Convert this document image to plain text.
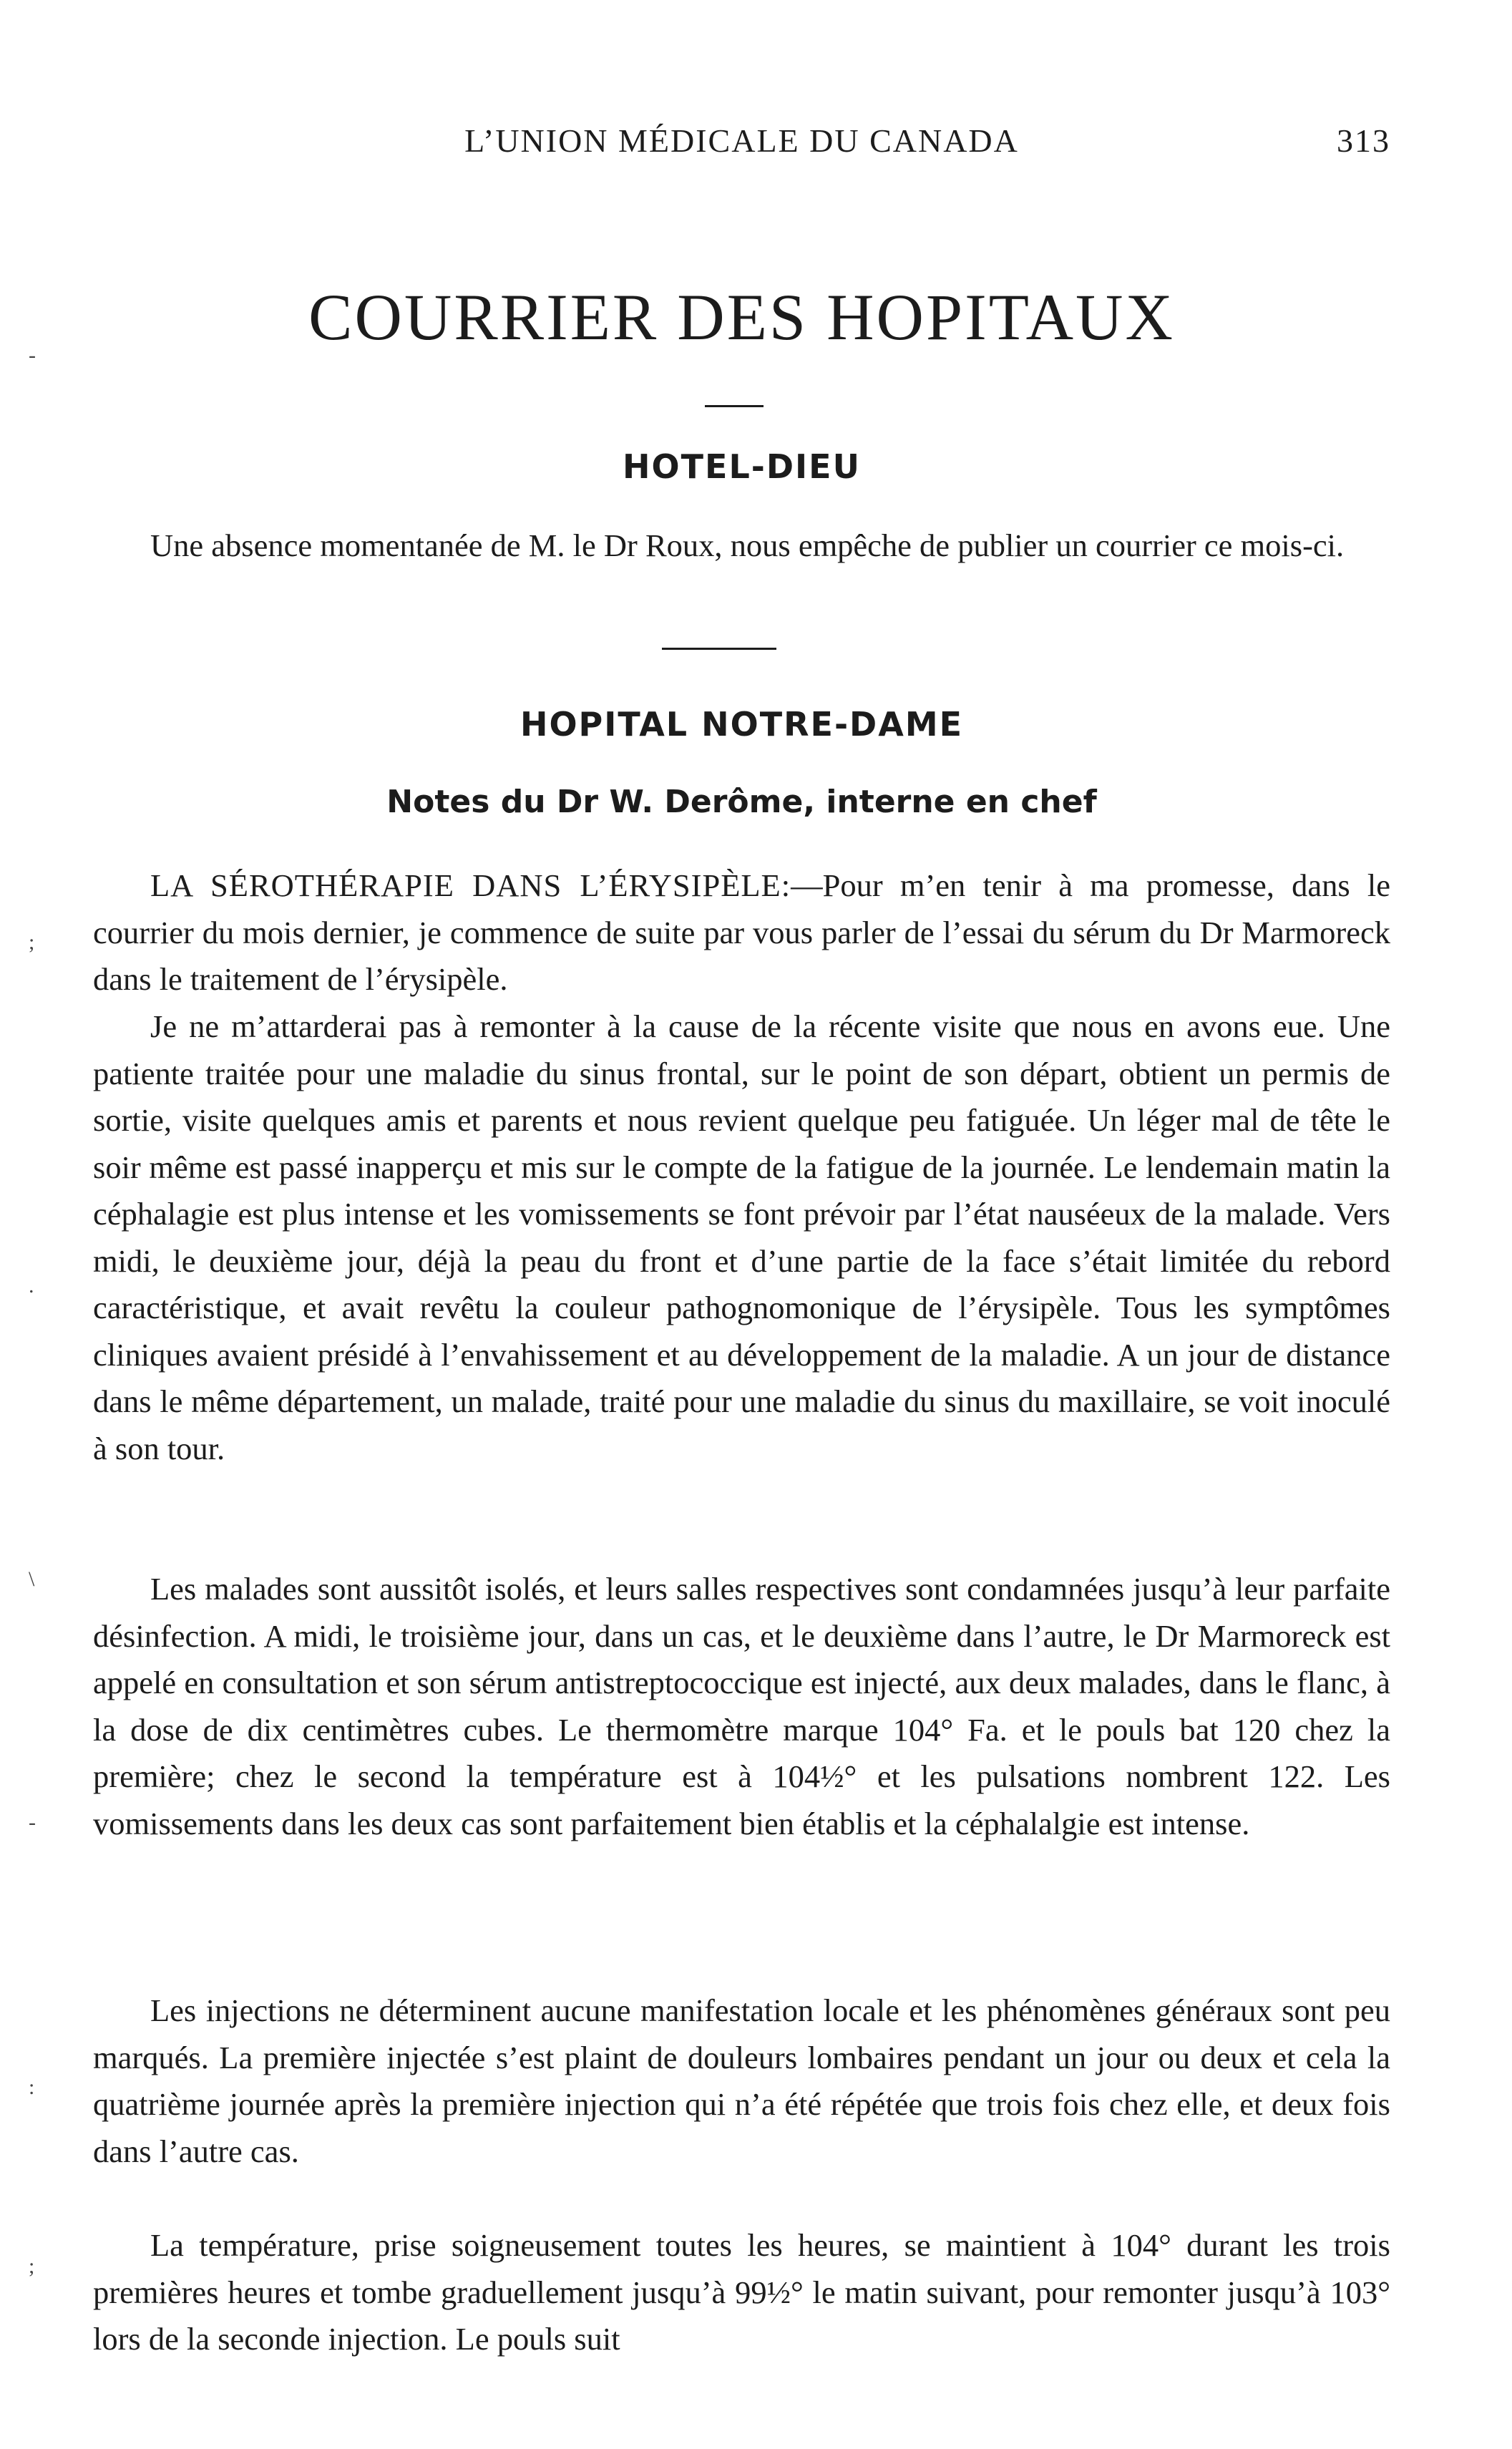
-
;
.
\
-
:
;
L’UNION MÉDICALE DU CANADA	313
COURRIER DES HOPITAUX
HOTEL-DIEU

Une absence momentanée de M. le Dr Roux, nous empêche de publier un courrier ce mois-ci.

HOPITAL NOTRE-DAME
Notes du Dr W. Derôme, interne en chef

LA SÉROTHÉRAPIE DANS L’ÉRYSIPÈLE:—Pour m’en tenir à ma promesse, dans le courrier du mois dernier, je commence de suite par vous parler de l’essai du sérum du Dr Marmoreck dans le traitement de l’érysipèle.

Je ne m’attarderai pas à remonter à la cause de la récente visite que nous en avons eue. Une patiente traitée pour une maladie du sinus frontal, sur le point de son départ, obtient un permis de sortie, visite quelques amis et parents et nous revient quelque peu fatiguée. Un léger mal de tête le soir même est passé inapperçu et mis sur le compte de la fatigue de la journée. Le lendemain matin la céphalagie est plus intense et les vomissements se font prévoir par l’état nauséeux de la malade. Vers midi, le deuxième jour, déjà la peau du front et d’une partie de la face s’était limitée du rebord caractéristique, et avait revêtu la couleur pathognomonique de l’érysipèle. Tous les symptômes cliniques avaient présidé à l’envahissement et au développement de la maladie. A un jour de distance dans le même département, un malade, traité pour une maladie du sinus du maxillaire, se voit inoculé à son tour.

Les malades sont aussitôt isolés, et leurs salles respectives sont condamnées jusqu’à leur parfaite désinfection. A midi, le troisième jour, dans un cas, et le deuxième dans l’autre, le Dr Marmoreck est appelé en consultation et son sérum antistreptococcique est injecté, aux deux malades, dans le flanc, à la dose de dix centimètres cubes. Le thermomètre marque 104° Fa. et le pouls bat 120 chez la première; chez le second la température est à 104½° et les pulsations nombrent 122. Les vomissements dans les deux cas sont parfaitement bien établis et la céphalalgie est intense.

Les injections ne déterminent aucune manifestation locale et les phénomènes généraux sont peu marqués. La première injectée s’est plaint de douleurs lombaires pendant un jour ou deux et cela la quatrième journée après la première injection qui n’a été répétée que trois fois chez elle, et deux fois dans l’autre cas.

La température, prise soigneusement toutes les heures, se maintient à 104° durant les trois premières heures et tombe graduellement jusqu’à 99½° le matin suivant, pour remonter jusqu’à 103° lors de la seconde injection. Le pouls suit
